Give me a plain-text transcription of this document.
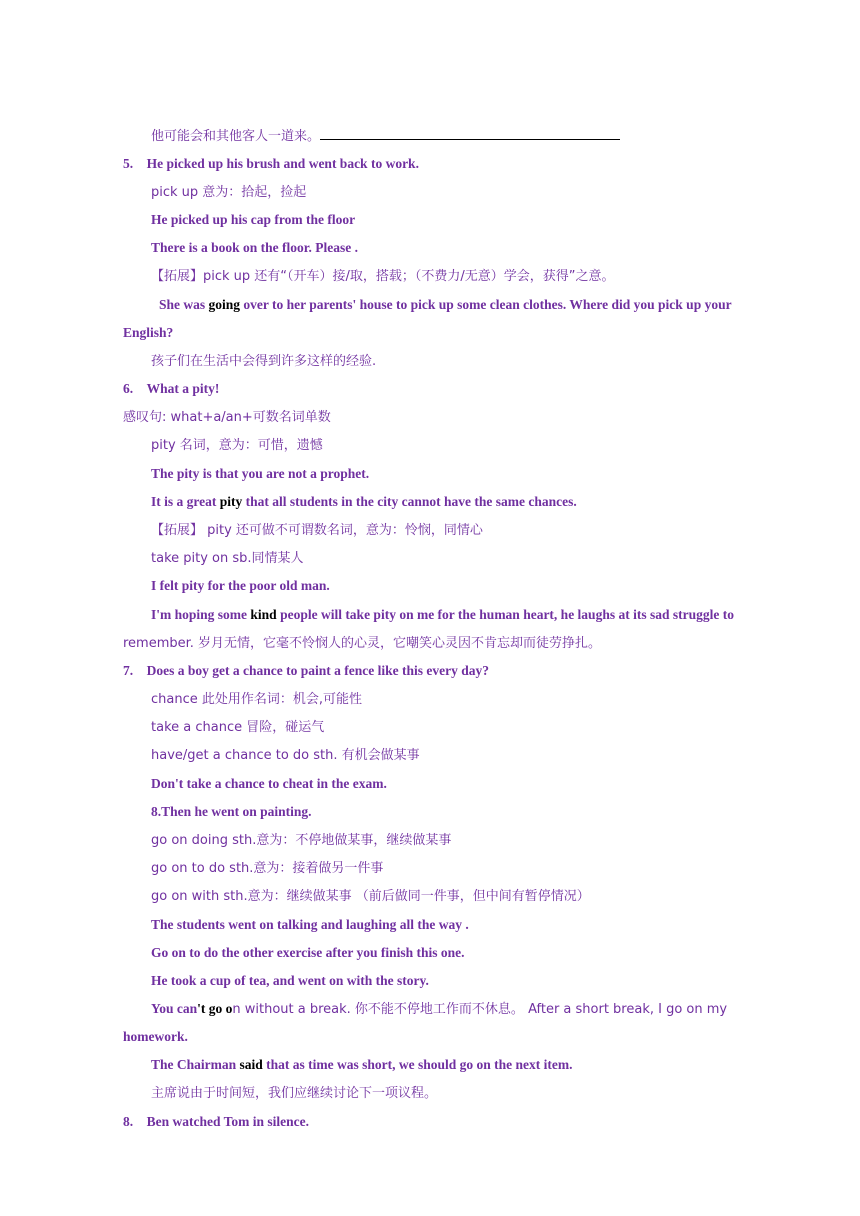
他可能会和其他客人一道来。
5.    He picked up his brush and went back to work.
pick up 意为：拾起，捡起
He picked up his cap from the floor
There is a book on the floor. Please .
【拓展】pick up 还有“（开车）接/取，搭载；（不费力/无意）学会，获得”之意。
She was going over to her parents' house to pick up some clean clothes. Where did you pick up your
English?
孩子们在生活中会得到许多这样的经验.
6.    What a pity!
感叹句: what+a/an+可数名词单数
pity 名词，意为：可惜，遗憾
The pity is that you are not a prophet.
It is a great pity that all students in the city cannot have the same chances.
【拓展】 pity 还可做不可谓数名词，意为：怜悯，同情心
take pity on sb.同情某人
I felt pity for the poor old man.
I'm hoping some kind people will take pity on me for the human heart, he laughs at its sad struggle to
remember. 岁月无情，它毫不怜悯人的心灵，它嘲笑心灵因不肯忘却而徒劳挣扎。
7.    Does a boy get a chance to paint a fence like this every day?
chance 此处用作名词：机会,可能性
take a chance 冒险，碰运气
have/get a chance to do sth. 有机会做某事
Don't take a chance to cheat in the exam.
8.Then he went on painting.
go on doing sth.意为：不停地做某事，继续做某事
go on to do sth.意为：接着做另一件事
go on with sth.意为：继续做某事 （前后做同一件事，但中间有暂停情况）
The students went on talking and laughing all the way .
Go on to do the other exercise after you finish this one.
He took a cup of tea, and went on with the story.
You can't go on without a break. 你不能不停地工作而不休息。 After a short break, I go on my
homework.
The Chairman said that as time was short, we should go on the next item.
主席说由于时间短，我们应继续讨论下一项议程。
8.    Ben watched Tom in silence.
